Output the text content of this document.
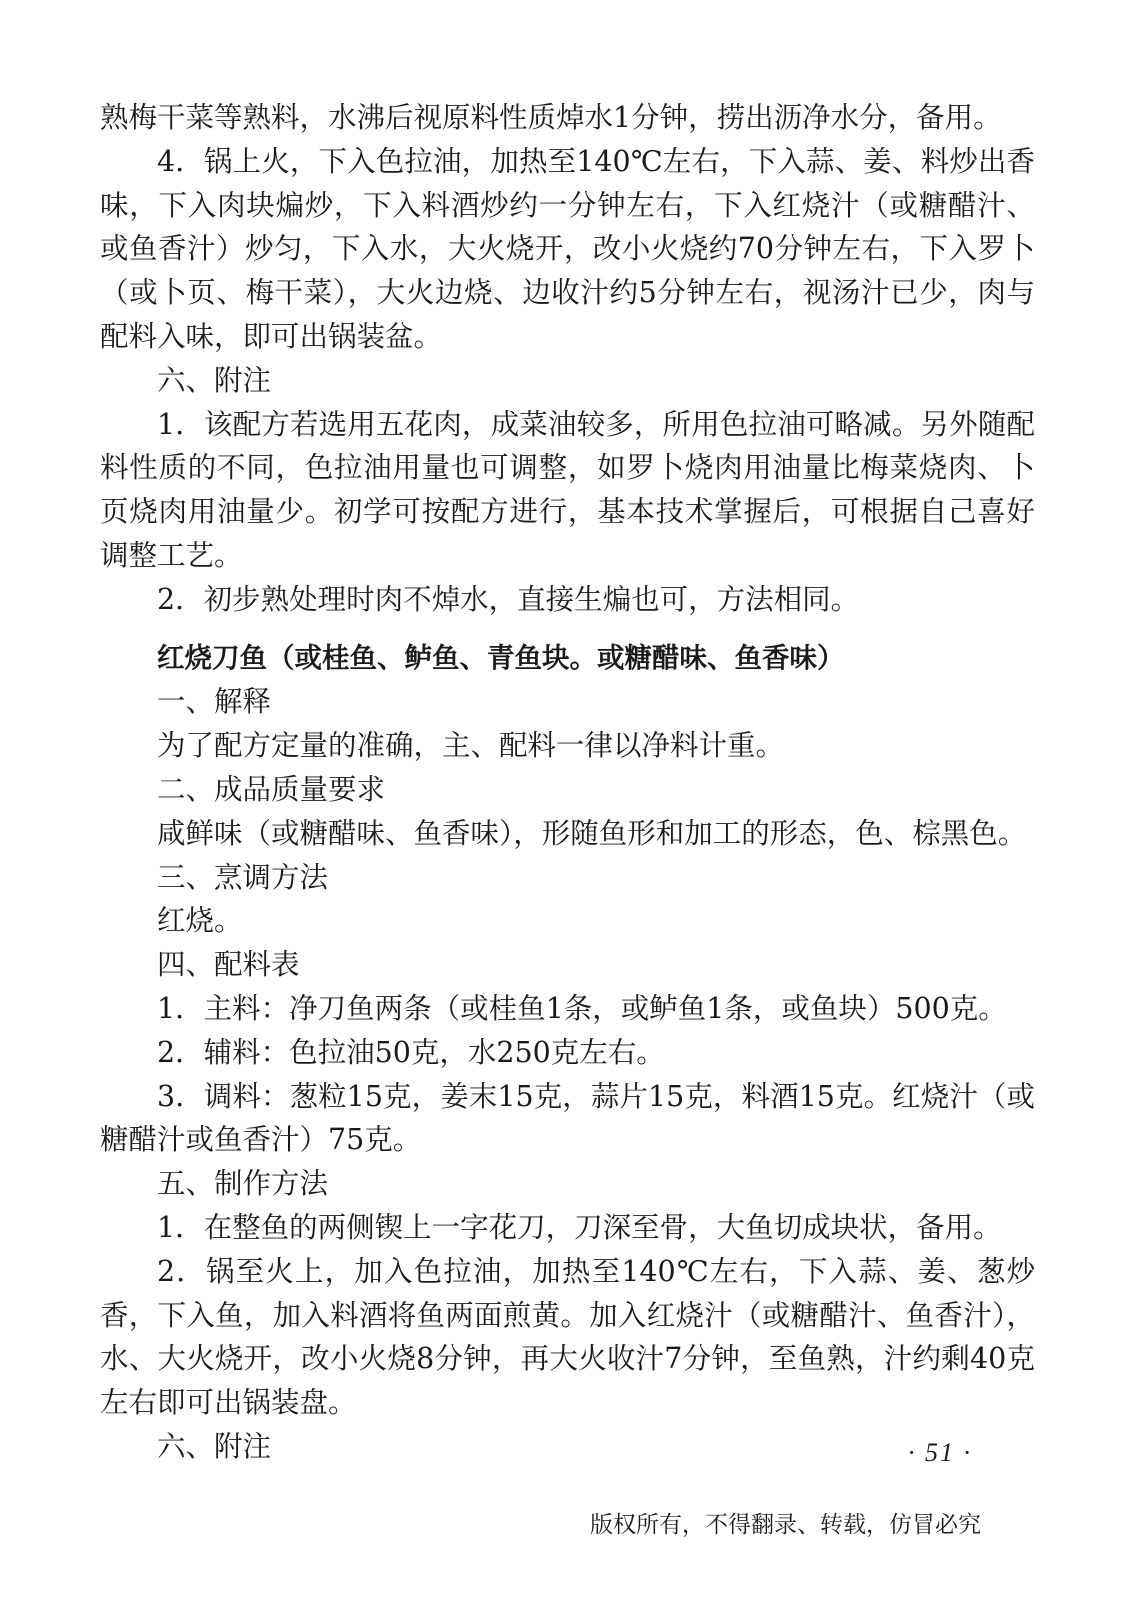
熟梅干菜等熟料，水沸后视原料性质焯水1分钟，捞出沥净水分，备用。

4．锅上火，下入色拉油，加热至140℃左右，下入蒜、姜、料炒出香味，下入肉块煸炒，下入料酒炒约一分钟左右，下入红烧汁（或糖醋汁、或鱼香汁）炒匀，下入水，大火烧开，改小火烧约70分钟左右，下入罗卜（或卜页、梅干菜），大火边烧、边收汁约5分钟左右，视汤汁已少，肉与配料入味，即可出锅装盆。

六、附注

1．该配方若选用五花肉，成菜油较多，所用色拉油可略减。另外随配料性质的不同，色拉油用量也可调整，如罗卜烧肉用油量比梅菜烧肉、卜页烧肉用油量少。初学可按配方进行，基本技术掌握后，可根据自己喜好调整工艺。

2．初步熟处理时肉不焯水，直接生煸也可，方法相同。

红烧刀鱼（或桂鱼、鲈鱼、青鱼块。或糖醋味、鱼香味）

一、解释

为了配方定量的准确，主、配料一律以净料计重。

二、成品质量要求

咸鲜味（或糖醋味、鱼香味），形随鱼形和加工的形态，色、棕黑色。

三、烹调方法

红烧。

四、配料表

1．主料：净刀鱼两条（或桂鱼1条，或鲈鱼1条，或鱼块）500克。

2．辅料：色拉油50克，水250克左右。

3．调料：葱粒15克，姜末15克，蒜片15克，料酒15克。红烧汁（或糖醋汁或鱼香汁）75克。

五、制作方法

1．在整鱼的两侧锲上一字花刀，刀深至骨，大鱼切成块状，备用。

2．锅至火上，加入色拉油，加热至140℃左右，下入蒜、姜、葱炒香，下入鱼，加入料酒将鱼两面煎黄。加入红烧汁（或糖醋汁、鱼香汁），水、大火烧开，改小火烧8分钟，再大火收汁7分钟，至鱼熟，汁约剩40克左右即可出锅装盘。

六、附注	· 51 ·
版权所有，不得翻录、转载，仿冒必究
